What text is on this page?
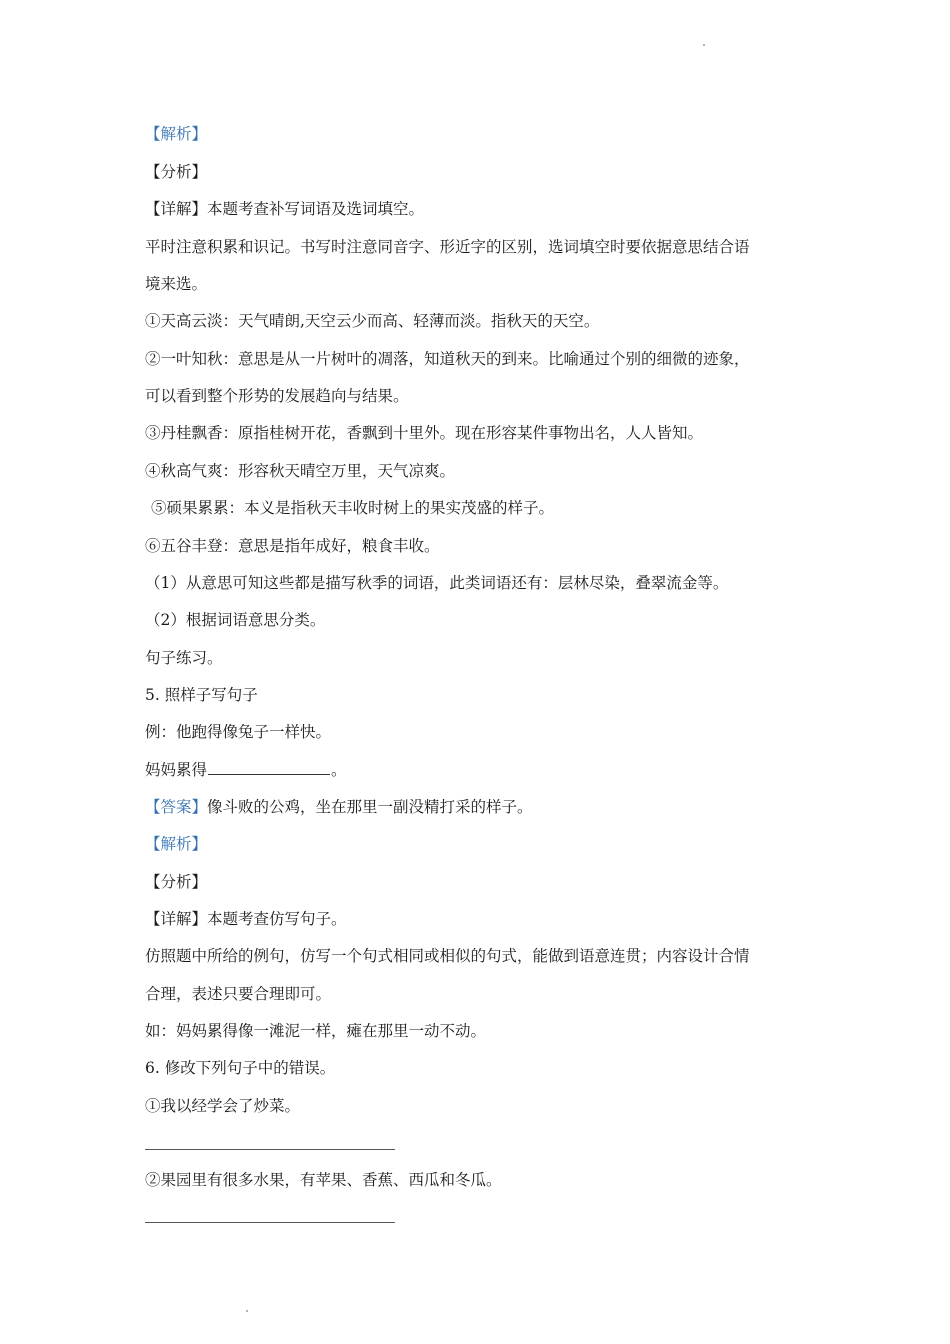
【解析】
【分析】
【详解】本题考查补写词语及选词填空。
平时注意积累和识记。书写时注意同音字、形近字的区别，选词填空时要依据意思结合语
境来选。
①天高云淡：天气晴朗,天空云少而高、轻薄而淡。指秋天的天空。
②一叶知秋：意思是从一片树叶的凋落，知道秋天的到来。比喻通过个别的细微的迹象，
可以看到整个形势的发展趋向与结果。
③丹桂飘香：原指桂树开花，香飘到十里外。现在形容某件事物出名，人人皆知。
④秋高气爽：形容秋天晴空万里，天气凉爽。
⑤硕果累累：本义是指秋天丰收时树上的果实茂盛的样子。
⑥五谷丰登：意思是指年成好，粮食丰收。
（1）从意思可知这些都是描写秋季的词语，此类词语还有：层林尽染，叠翠流金等。
（2）根据词语意思分类。
句子练习。
5. 照样子写句子
例：他跑得像兔子一样快。
妈妈累得	。
【答案】像斗败的公鸡，坐在那里一副没精打采的样子。
【解析】
【分析】
【详解】本题考查仿写句子。
仿照题中所给的例句，仿写一个句式相同或相似的句式，能做到语意连贯；内容设计合情
合理，表述只要合理即可。
如：妈妈累得像一滩泥一样，瘫在那里一动不动。
6. 修改下列句子中的错误。
①我以经学会了炒菜。
②果园里有很多水果，有苹果、香蕉、西瓜和冬瓜。
